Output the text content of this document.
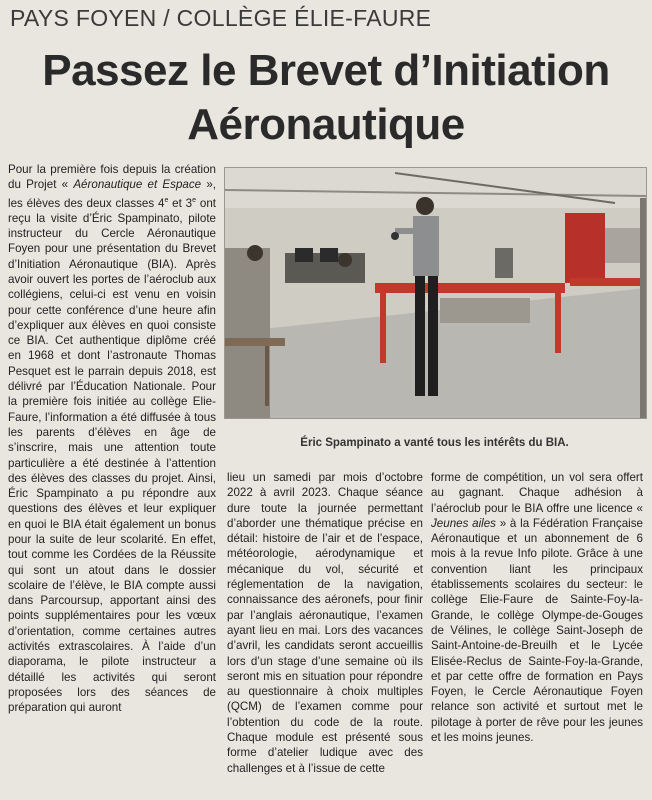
PAYS FOYEN / COLLÈGE ÉLIE-FAURE
Passez le Brevet d’Initiation
Aéronautique

Pour la première fois depuis la création du Projet « Aéronautique et Espace », les élèves des deux classes 4e et 3e ont reçu la visite d’Éric Spampinato, pilote instructeur du Cercle Aéronautique Foyen pour une présentation du Brevet d’Initiation Aéronautique (BIA). Après avoir ouvert les portes de l’aéroclub aux collégiens, celui-ci est venu en voisin pour cette conférence d’une heure afin d’expliquer aux élèves en quoi consiste ce BIA. Cet authentique diplôme créé en 1968 et dont l’astronaute Thomas Pesquet est le parrain depuis 2018, est délivré par l’Éducation Nationale. Pour la première fois initiée au collège Elie-Faure, l’information a été diffusée à tous les parents d’élèves en âge de s’inscrire, mais une attention toute particulière a été destinée à l’attention des élèves des classes du projet. Ainsi, Éric Spampinato a pu répondre aux questions des élèves et leur expliquer en quoi le BIA était également un bonus pour la suite de leur scolarité. En effet, tout comme les Cordées de la Réussite qui sont un atout dans le dossier scolaire de l’élève, le BIA compte aussi dans Parcoursup, apportant ainsi des points supplémentaires pour les vœux d’orientation, comme certaines autres activités extrascolaires. À l’aide d’un diaporama, le pilote instructeur a détaillé les activités qui seront proposées lors des séances de préparation qui auront

Éric Spampinato a vanté tous les intérêts du BIA.

lieu un samedi par mois d’octobre 2022 à avril 2023. Chaque séance dure toute la journée permettant d’aborder une thématique précise en détail: histoire de l’air et de l’espace, météorologie, aérodynamique et mécanique du vol, sécurité et réglementation de la navigation, connaissance des aéronefs, pour finir par l’anglais aéronautique, l’examen ayant lieu en mai. Lors des vacances d’avril, les candidats seront accueillis lors d’un stage d’une semaine où ils seront mis en situation pour répondre au questionnaire à choix multiples (QCM) de l’examen comme pour l’obtention du code de la route. Chaque module est présenté sous forme d’atelier ludique avec des challenges et à l’issue de cette

forme de compétition, un vol sera offert au gagnant. Chaque adhésion à l’aéroclub pour le BIA offre une licence « Jeunes ailes » à la Fédération Française Aéronautique et un abonnement de 6 mois à la revue Info pilote. Grâce à une convention liant les principaux établissements scolaires du secteur: le collège Elie-Faure de Sainte-Foy-la-Grande, le collège Olympe-de-Gouges de Vélines, le collège Saint-Joseph de Saint-Antoine-de-Breuilh et le Lycée Elisée-Reclus de Sainte-Foy-la-Grande, et par cette offre de formation en Pays Foyen, le Cercle Aéronautique Foyen relance son activité et surtout met le pilotage à porter de rêve pour les jeunes et les moins jeunes.
